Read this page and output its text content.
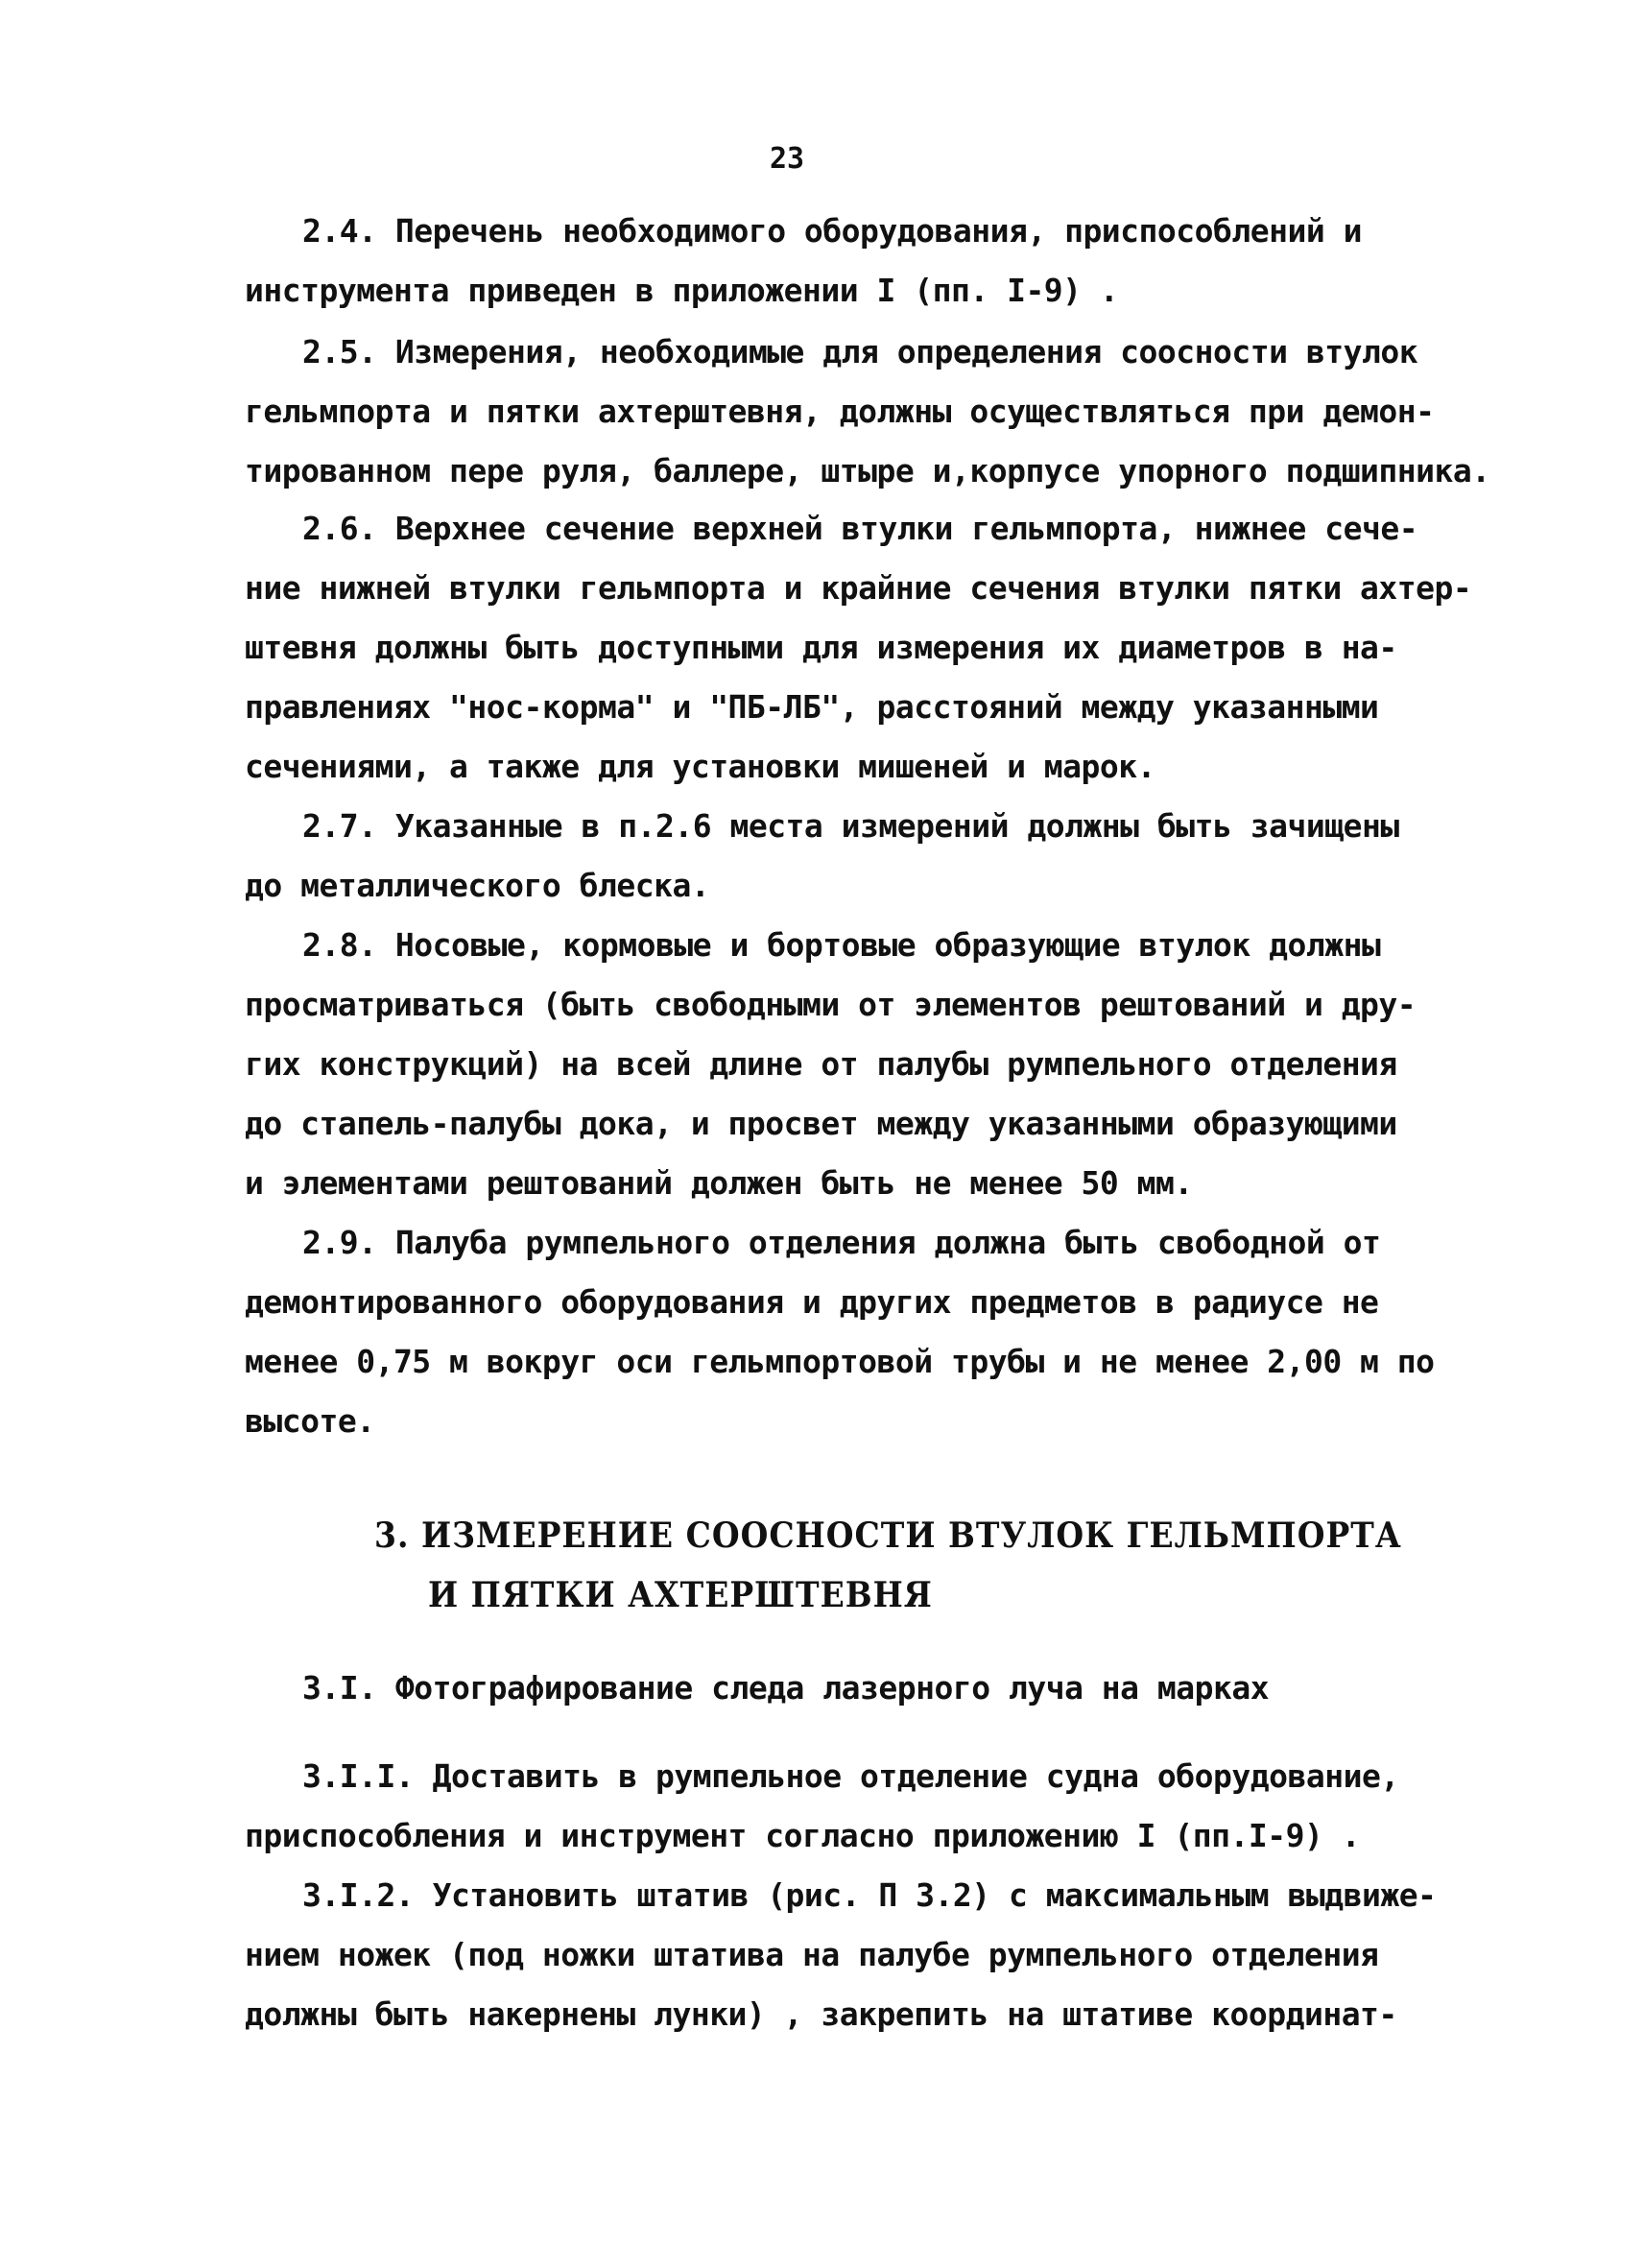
23
2.4. Перечень необходимого оборудования, приспособлений и
инструмента приведен в приложении I (пп. I-9) .
2.5. Измерения, необходимые для определения соосности втулок
гельмпорта и пятки ахтерштевня, должны осуществляться при демон-
тированном пере руля, баллере, штыре и,корпусе упорного подшипника.
2.6. Верхнее сечение верхней втулки гельмпорта, нижнее сече-
ние нижней втулки гельмпорта и крайние сечения втулки пятки ахтер-
штевня должны быть доступными для измерения их диаметров в на-
правлениях "нос-корма" и "ПБ-ЛБ", расстояний между указанными
сечениями, а также для установки мишеней и марок.
2.7. Указанные в п.2.6 места измерений должны быть зачищены
до металлического блеска.
2.8. Носовые, кормовые и бортовые образующие втулок должны
просматриваться (быть свободными от элементов рештований и дру-
гих конструкций) на всей длине от палубы румпельного отделения
до стапель-палубы дока, и просвет между указанными образующими
и элементами рештований должен быть не менее 50 мм.
2.9. Палуба румпельного отделения должна быть свободной от
демонтированного оборудования и других предметов в радиусе не
менее 0,75 м вокруг оси гельмпортовой трубы и не менее 2,00 м по
высоте.
3. ИЗМЕРЕНИЕ СООСНОСТИ ВТУЛОК ГЕЛЬМПОРТА
И ПЯТКИ АХТЕРШТЕВНЯ
3.I. Фотографирование следа лазерного луча на марках
3.I.I. Доставить в румпельное отделение судна оборудование,
приспособления и инструмент согласно приложению I (пп.I-9) .
3.I.2. Установить штатив (рис. П 3.2) с максимальным выдвиже-
нием ножек (под ножки штатива на палубе румпельного отделения
должны быть накернены лунки) , закрепить на штативе координат-
